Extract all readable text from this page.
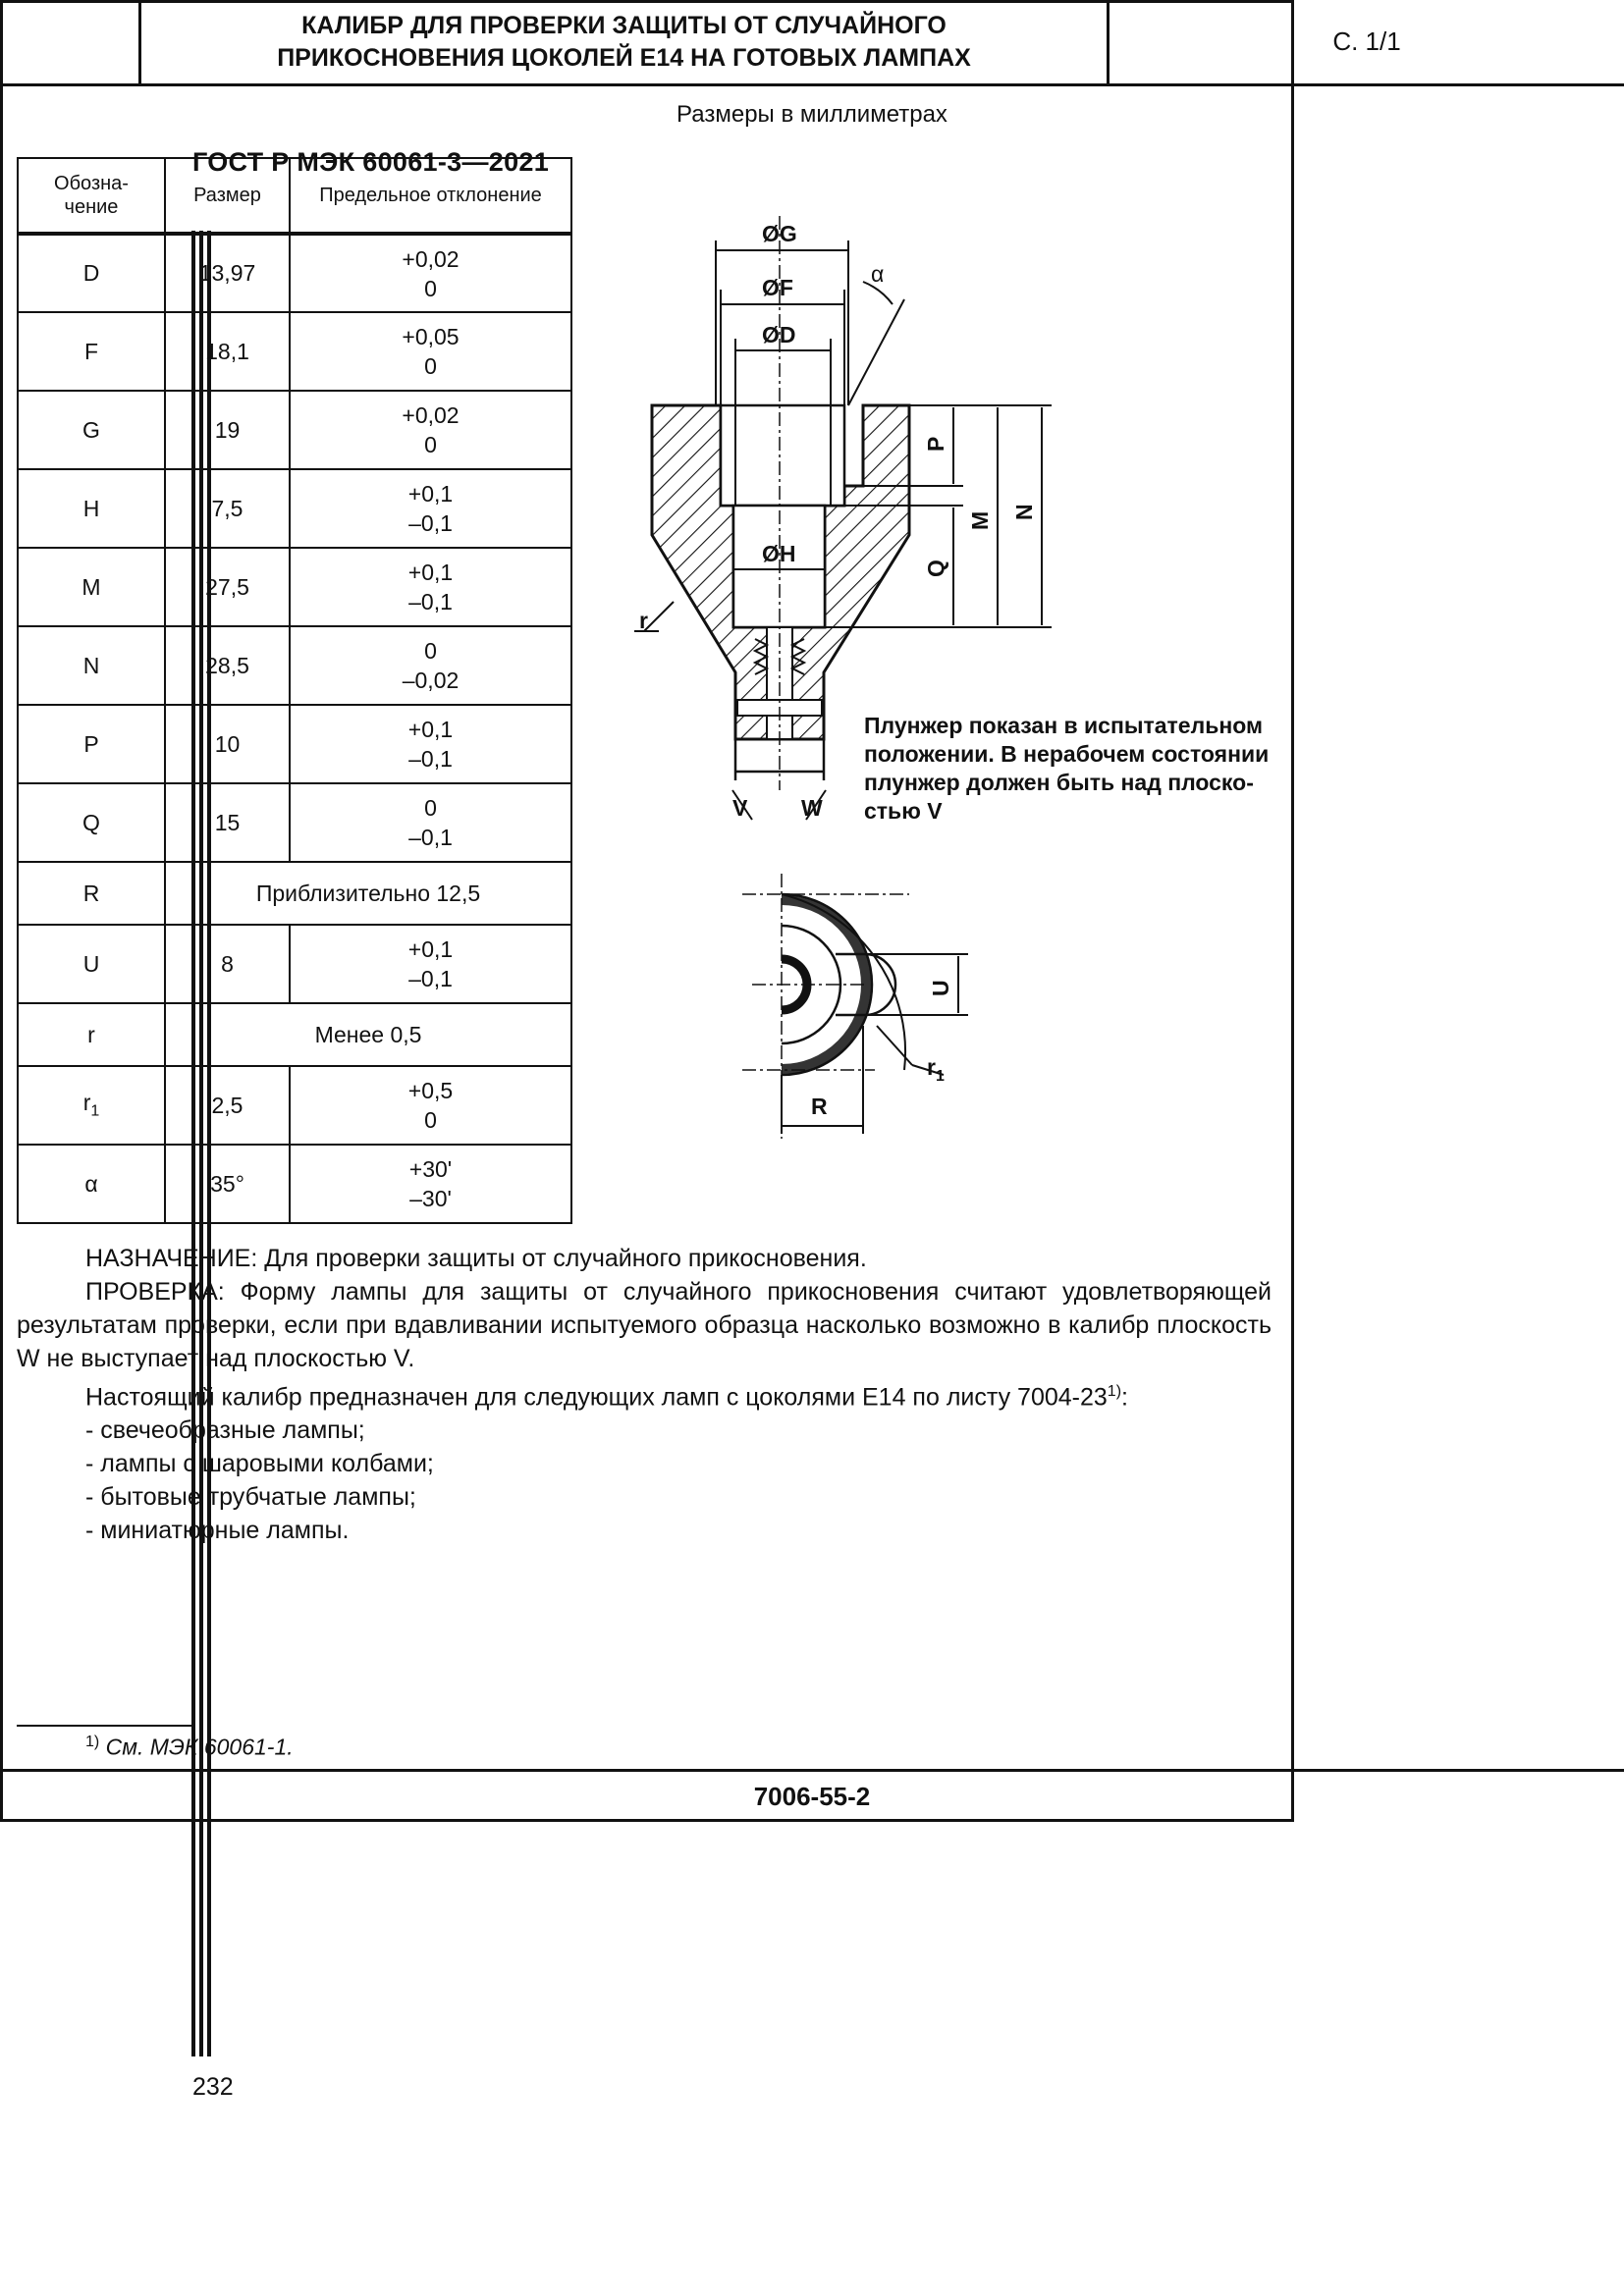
ГОСТ Р МЭК 60061-3—2021
КАЛИБР ДЛЯ ПРОВЕРКИ ЗАЩИТЫ ОТ СЛУЧАЙНОГО
ПРИКОСНОВЕНИЯ ЦОКОЛЕЙ Е14 НА ГОТОВЫХ ЛАМПАХ
С. 1/1
Размеры в миллиметрах
Обозна-
чение	Размер	Предельное отклонение
D	13,97	+0,02
0
F	18,1	+0,05
0
G	19	+0,02
0
H	7,5	+0,1
–0,1
M	27,5	+0,1
–0,1
N	28,5	0
–0,02
P	10	+0,1
–0,1
Q	15	0
–0,1
R	Приблизительно 12,5	
U	8	+0,1
–0,1
r	Менее 0,5	
$r_1$	2,5	+0,5
0
α	35°	+30'
–30'
ØG
ØF
ØD
ØH
α
P
M N
Q
r
V W
U
R
$r_1$
Плунжер показан в испытательном
положении. В нерабочем состоянии
плунжер должен быть над плоско-
стью V

НАЗНАЧЕНИЕ: Для проверки защиты от случайного прикосновения.

ПРОВЕРКА: Форму лампы для защиты от случайного прикосновения считают удовлетворяющей результатам проверки, если при вдавливании испытуемого образца насколько возможно в калибр плоскость W не выступает над плоскостью V.

Настоящий калибр предназначен для следующих ламп с цоколями Е14 по листу 7004-23$^{1)}$:

- свечеобразные лампы;
- лампы с шаровыми колбами;
- бытовые трубчатые лампы;
- миниатюрные лампы.
$^{1)}$ См. МЭК 60061-1.
7006-55-2
232
